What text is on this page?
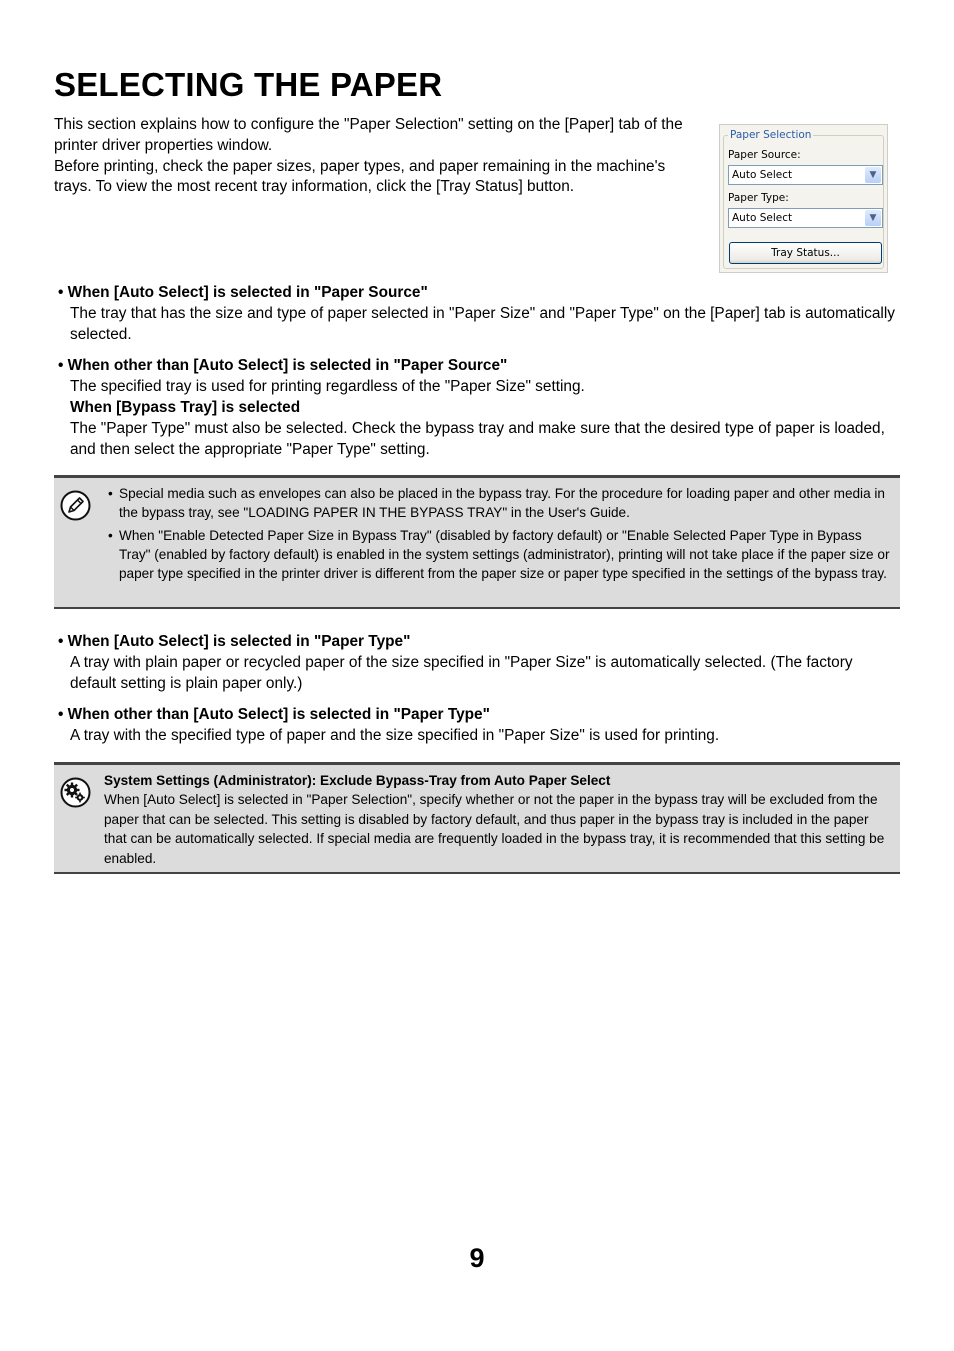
SELECTING THE PAPER

This section explains how to configure the "Paper Selection" setting on the [Paper] tab of the printer driver properties window.

Before printing, check the paper sizes, paper types, and paper remaining in the machine's trays. To view the most recent tray information, click the [Tray Status] button.

Paper Selection
Paper Source:
Auto Select	▼
Paper Type:
Auto Select	▼
Tray Status...
• When [Auto Select] is selected in "Paper Source"
The tray that has the size and type of paper selected in "Paper Size" and "Paper Type" on the [Paper] tab is automatically selected.
• When other than [Auto Select] is selected in "Paper Source"
The specified tray is used for printing regardless of the "Paper Size" setting.
When [Bypass Tray] is selected
The "Paper Type" must also be selected. Check the bypass tray and make sure that the desired type of paper is loaded, and then select the appropriate "Paper Type" setting.
• Special media such as envelopes can also be placed in the bypass tray. For the procedure for loading paper and other media in the bypass tray, see "LOADING PAPER IN THE BYPASS TRAY" in the User's Guide.
• When "Enable Detected Paper Size in Bypass Tray" (disabled by factory default) or "Enable Selected Paper Type in Bypass Tray" (enabled by factory default) is enabled in the system settings (administrator), printing will not take place if the paper size or paper type specified in the printer driver is different from the paper size or paper type specified in the settings of the bypass tray.
• When [Auto Select] is selected in "Paper Type"
A tray with plain paper or recycled paper of the size specified in "Paper Size" is automatically selected. (The factory default setting is plain paper only.)
• When other than [Auto Select] is selected in "Paper Type"
A tray with the specified type of paper and the size specified in "Paper Size" is used for printing.
System Settings (Administrator): Exclude Bypass-Tray from Auto Paper Select
When [Auto Select] is selected in "Paper Selection", specify whether or not the paper in the bypass tray will be excluded from the paper that can be selected. This setting is disabled by factory default, and thus paper in the bypass tray is included in the paper that can be automatically selected. If special media are frequently loaded in the bypass tray, it is recommended that this setting be enabled.
9
